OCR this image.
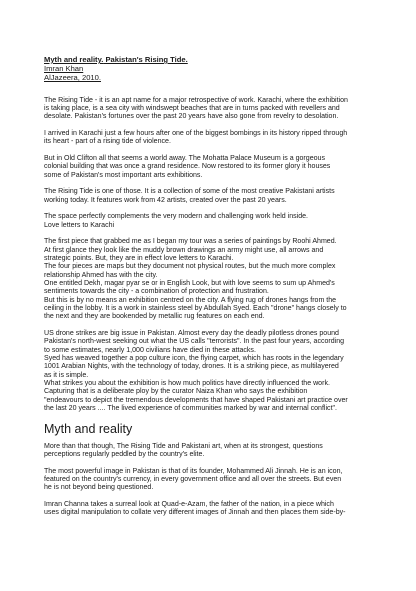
Myth and reality. Pakistan's Rising Tide.
Imran Khan
AlJazeera, 2010.
The Rising Tide - it is an apt name for a major retrospective of work. Karachi, where the exhibition
is taking place, is a sea city with windswept beaches that are in turns packed with revellers and
desolate. Pakistan's fortunes over the past 20 years have also gone from revelry to desolation.
I arrived in Karachi just a few hours after one of the biggest bombings in its history ripped through
its heart - part of a rising tide of violence.
But in Old Clifton all that seems a world away. The Mohatta Palace Museum is a gorgeous
colonial building that was once a grand residence. Now restored to its former glory it houses
some of Pakistan's most important arts exhibitions.
The Rising Tide is one of those. It is a collection of some of the most creative Pakistani artists
working today. It features work from 42 artists, created over the past 20 years.
The space perfectly complements the very modern and challenging work held inside.
Love letters to Karachi
The first piece that grabbed me as I began my tour was a series of paintings by Roohi Ahmed.
At first glance they look like the muddy brown drawings an army might use, all arrows and
strategic points. But, they are in effect love letters to Karachi.
The four pieces are maps but they document not physical routes, but the much more complex
relationship Ahmed has with the city.
One entitled Dekh, magar pyar se or in English Look, but with love seems to sum up Ahmed's
sentiments towards the city - a combination of protection and frustration.
But this is by no means an exhibition centred on the city. A flying rug of drones hangs from the
ceiling in the lobby. It is a work in stainless steel by Abdullah Syed. Each "drone" hangs closely to
the next and they are bookended by metallic rug features on each end.
US drone strikes are big issue in Pakistan. Almost every day the deadly pilotless drones pound
Pakistan's north-west seeking out what the US calls "terrorists". In the past four years, according
to some estimates, nearly 1,000 civilians have died in these attacks.
Syed has weaved together a pop culture icon, the flying carpet, which has roots in the legendary
1001 Arabian Nights, with the technology of today, drones. It is a striking piece, as multilayered
as it is simple.
What strikes you about the exhibition is how much politics have directly influenced the work.
Capturing that is a deliberate ploy by the curator Naiza Khan who says the exhibition
"endeavours to depict the tremendous developments that have shaped Pakistani art practice over
the last 20 years .... The lived experience of communities marked by war and internal conflict".
Myth and reality
More than that though, The Rising Tide and Pakistani art, when at its strongest, questions
perceptions regularly peddled by the country's elite.
The most powerful image in Pakistan is that of its founder, Mohammed Ali Jinnah. He is an icon,
featured on the country's currency, in every government office and all over the streets. But even
he is not beyond being questioned.
Imran Channa takes a surreal look at Quad-e-Azam, the father of the nation, in a piece which
uses digital manipulation to collate very different images of Jinnah and then places them side-by-
